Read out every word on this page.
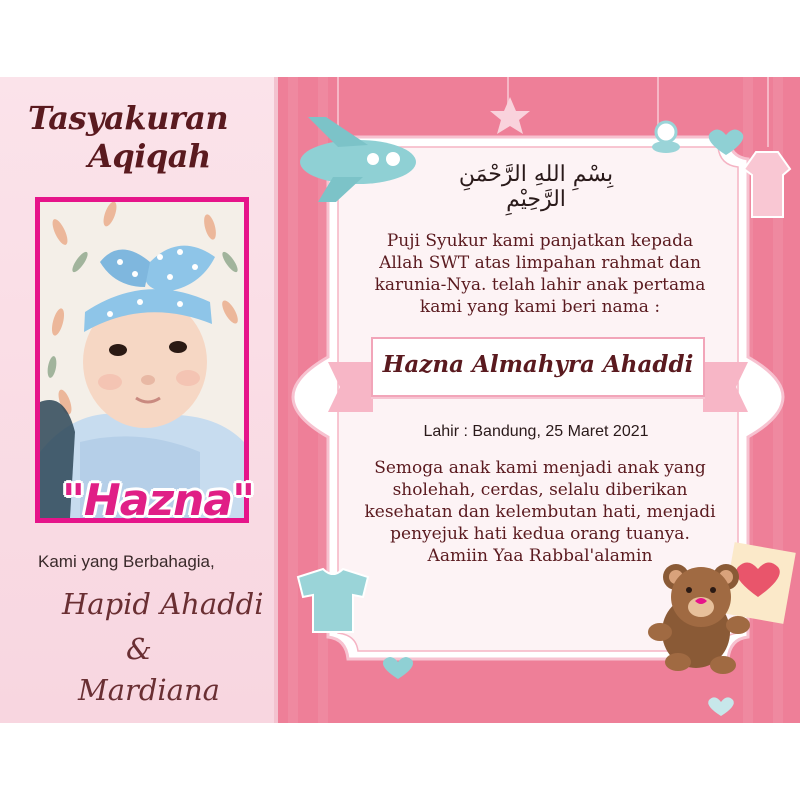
Tasyakuran
Aqiqah
"Hazna"
Kami yang Berbahagia,
Hapid Ahaddi
&
Mardiana
بِسْمِ اللهِ الرَّحْمَنِ الرَّحِيْمِ
Puji Syukur kami panjatkan kepada
Allah SWT atas limpahan rahmat dan
karunia-Nya. telah lahir anak pertama
kami yang kami beri nama :
Hazna Almahyra Ahaddi
Lahir : Bandung, 25 Maret 2021
Semoga anak kami menjadi anak yang
sholehah, cerdas, selalu diberikan
kesehatan dan kelembutan hati, menjadi
penyejuk hati kedua orang tuanya.
Aamiin Yaa Rabbal'alamin
